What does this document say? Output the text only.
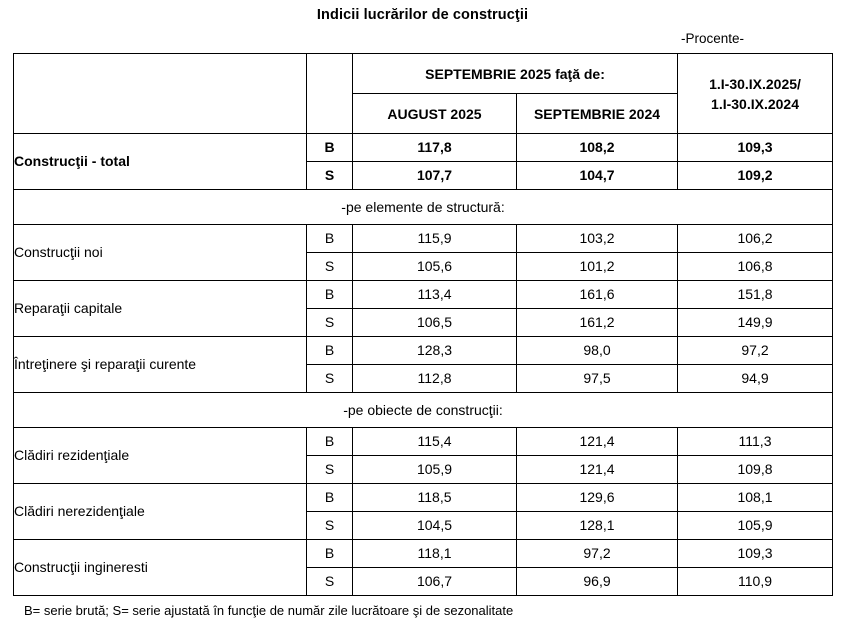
Indicii lucrărilor de construcţii
-Procente-
		SEPTEMBRIE 2025 faţă de:		1.I-30.IX.2025/
1.I-30.IX.2024

		AUGUST 2025	SEPTEMBRIE 2024	
Construcţii - total	B	117,8	108,2	109,3
	S	107,7	104,7	109,2
-pe elemente de structură:				
Construcţii noi	B	115,9	103,2	106,2
	S	105,6	101,2	106,8
Reparaţii capitale	B	113,4	161,6	151,8
	S	106,5	161,2	149,9
Întreţinere şi reparaţii curente	B	128,3	98,0	97,2
	S	112,8	97,5	94,9
-pe obiecte de construcţii:				
Clădiri rezidenţiale	B	115,4	121,4	111,3
	S	105,9	121,4	109,8
Clădiri nerezidenţiale	B	118,5	129,6	108,1
	S	104,5	128,1	105,9
Construcţii ingineresti	B	118,1	97,2	109,3
	S	106,7	96,9	110,9
B= serie brută; S= serie ajustată în funcţie de număr zile lucrătoare şi de sezonalitate
